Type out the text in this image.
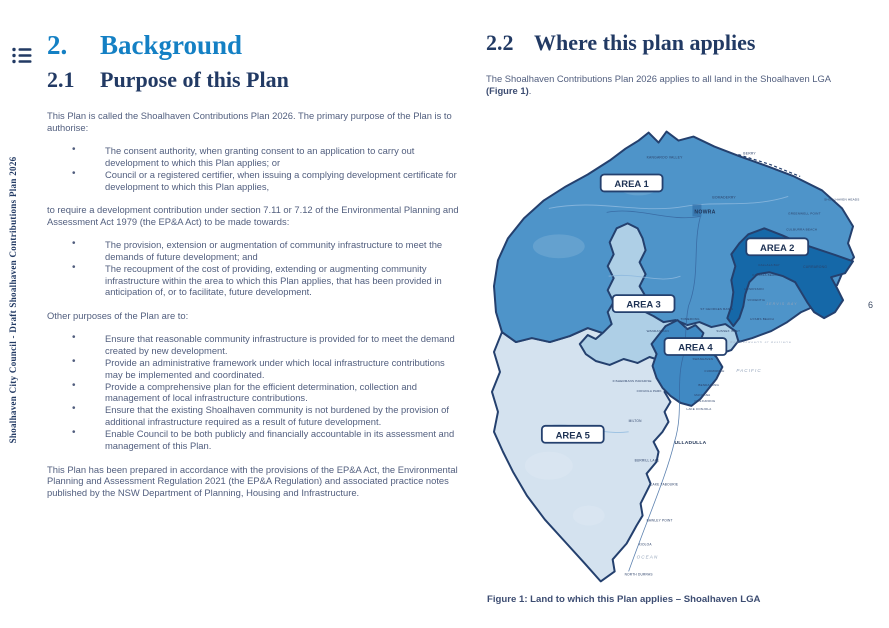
Shoalhaven City Council - Draft Shoalhaven Contributions Plan 2026
2. Background
2.1 Purpose of this Plan

This Plan is called the Shoalhaven Contributions Plan 2026. The primary purpose of the Plan is to authorise:

• The consent authority, when granting consent to an application to carry out development to which this Plan applies; or
• Council or a registered certifier, when issuing a complying development certificate for development to which this Plan applies,

to require a development contribution under section 7.11 or 7.12 of the Environmental Planning and Assessment Act 1979 (the EP&A Act) to be made towards:

• The provision, extension or augmentation of community infrastructure to meet the demands of future development; and
• The recoupment of the cost of providing, extending or augmenting community infrastructure within the area to which this Plan applies, that has been provided in anticipation of, or to facilitate, future development.

Other purposes of the Plan are to:

• Ensure that reasonable community infrastructure is provided for to meet the demand created by new development.
• Provide an administrative framework under which local infrastructure contributions may be implemented and coordinated.
• Provide a comprehensive plan for the efficient determination, collection and management of local infrastructure contributions.
• Ensure that the existing Shoalhaven community is not burdened by the provision of additional infrastructure required as a result of future development.
• Enable Council to be both publicly and financially accountable in its assessment and management of this Plan.

This Plan has been prepared in accordance with the provisions of the EP&A Act, the Environmental Planning and Assessment Regulation 2021 (the EP&A Regulation) and associated practice notes published by the NSW Department of Planning, Housing and Infrastructure.

2.2 Where this plan applies

The Shoalhaven Contributions Plan 2026 applies to all land in the Shoalhaven LGA (Figure 1).

KANGAROO VALLEY
BERRY
BOMADERRY
NOWRA
SHOALHAVEN HEADS
GREENWELL POINT
CULBURRA BEACH
CURRARONG
CALLALA BAY
CALLALA BEACH
HUSKISSON
VINCENTIA
HYAMS BEACH
ST GEORGES BASIN
TOMERONG
WANDANDIAN	SUSSEX INLET
SWANHAVEN
CUDMIRRAH
BENDALONG
MANYANA
CUNJURONG
LAKE CONJOLA
CONJOLA PARK
FISHERMANS PARADISE
MILTON
ULLADULLA
BURRILL LAKE
LAKE TABOURIE
BAWLEY POINT
KIOLOA
NORTH DURRAS
JERVIS BAY
Commonwealth of Australia
PACIFIC
OCEAN
AREA 1
AREA 2
AREA 3
AREA 4
AREA 5
Figure 1: Land to which this Plan applies – Shoalhaven LGA
6
